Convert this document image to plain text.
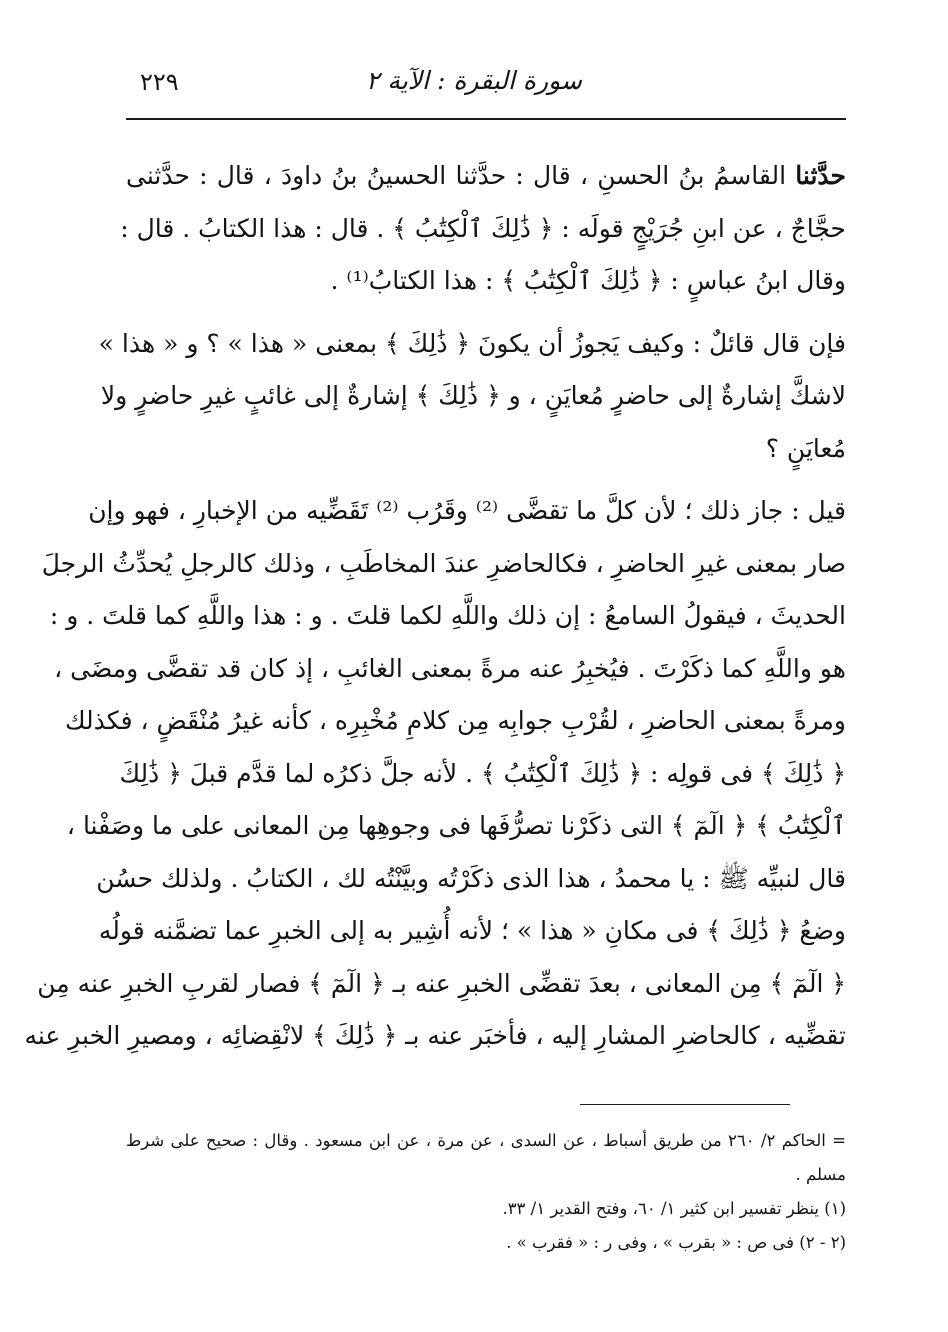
سورة البقرة : الآية ٢
٢٢٩
حدَّثنا القاسمُ بنُ الحسنِ ، قال : حدَّثنا الحسينُ بنُ داودَ ، قال : حدَّثنى
حجَّاجٌ ، عن ابنِ جُرَيْجٍ قولَه : ﴿ ذَٰلِكَ ٱلْكِتَٰبُ ﴾ . قال : هذا الكتابُ . قال :
وقال ابنُ عباسٍ : ﴿ ذَٰلِكَ ٱلْكِتَٰبُ ﴾ : هذا الكتابُ⁽¹⁾ .
فإن قال قائلٌ : وكيف يَجوزُ أن يكونَ ﴿ ذَٰلِكَ ﴾ بمعنى « هذا » ؟ و « هذا »
لاشكَّ إشارةٌ إلى حاضرٍ مُعايَنٍ ، و ﴿ ذَٰلِكَ ﴾ إشارةٌ إلى غائبٍ غيرِ حاضرٍ ولا
مُعايَنٍ ؟
قيل : جاز ذلك ؛ لأن كلَّ ما تقضَّى ⁽²⁾ وقَرُب ⁽²⁾ تَقَضِّيه من الإخبارِ ، فهو وإن
صار بمعنى غيرِ الحاضرِ ، فكالحاضرِ عندَ المخاطَبِ ، وذلك كالرجلِ يُحدِّثُ الرجلَ
الحديثَ ، فيقولُ السامعُ : إن ذلك واللَّهِ لكما قلتَ . و : هذا واللَّهِ كما قلتَ . و :
هو واللَّهِ كما ذكَرْتَ . فيُخبِرُ عنه مرةً بمعنى الغائبِ ، إذ كان قد تقضَّى ومضَى ،
ومرةً بمعنى الحاضرِ ، لقُرْبِ جوابِه مِن كلامِ مُخْبِرِه ، كأنه غيرُ مُنْقَضٍ ، فكذلك
﴿ ذَٰلِكَ ﴾ فى قولِه : ﴿ ذَٰلِكَ ٱلْكِتَٰبُ ﴾ . لأنه جلَّ ذكرُه لما قدَّم قبلَ ﴿ ذَٰلِكَ
ٱلْكِتَٰبُ ﴾ ﴿ الٓمٓ ﴾ التى ذكَرْنا تصرُّفَها فى وجوهِها مِن المعانى على ما وصَفْنا ،
قال لنبيِّه ﷺ : يا محمدُ ، هذا الذى ذكَرْتُه وبيَّنْتُه لك ، الكتابُ . ولذلك حسُن
وضعُ ﴿ ذَٰلِكَ ﴾ فى مكانِ « هذا » ؛ لأنه أُشِير به إلى الخبرِ عما تضمَّنه قولُه
﴿ الٓمٓ ﴾ مِن المعانى ، بعدَ تقضِّى الخبرِ عنه بـ ﴿ الٓمٓ ﴾ فصار لقربِ الخبرِ عنه مِن
تقضِّيه ، كالحاضرِ المشارِ إليه ، فأخبَر عنه بـ ﴿ ذَٰلِكَ ﴾ لانْقِضائِه ، ومصيرِ الخبرِ عنه
= الحاكم ٢/ ٢٦٠ من طريق أسباط ، عن السدى ، عن مرة ، عن ابن مسعود . وقال : صحيح على شرط
مسلم .
(١) ينظر تفسير ابن كثير ١/ ٦٠، وفتح القدير ١/ ٣٣.
(٢ - ٢) فى ص : « بقرب » ، وفى ر : « فقرب » .
